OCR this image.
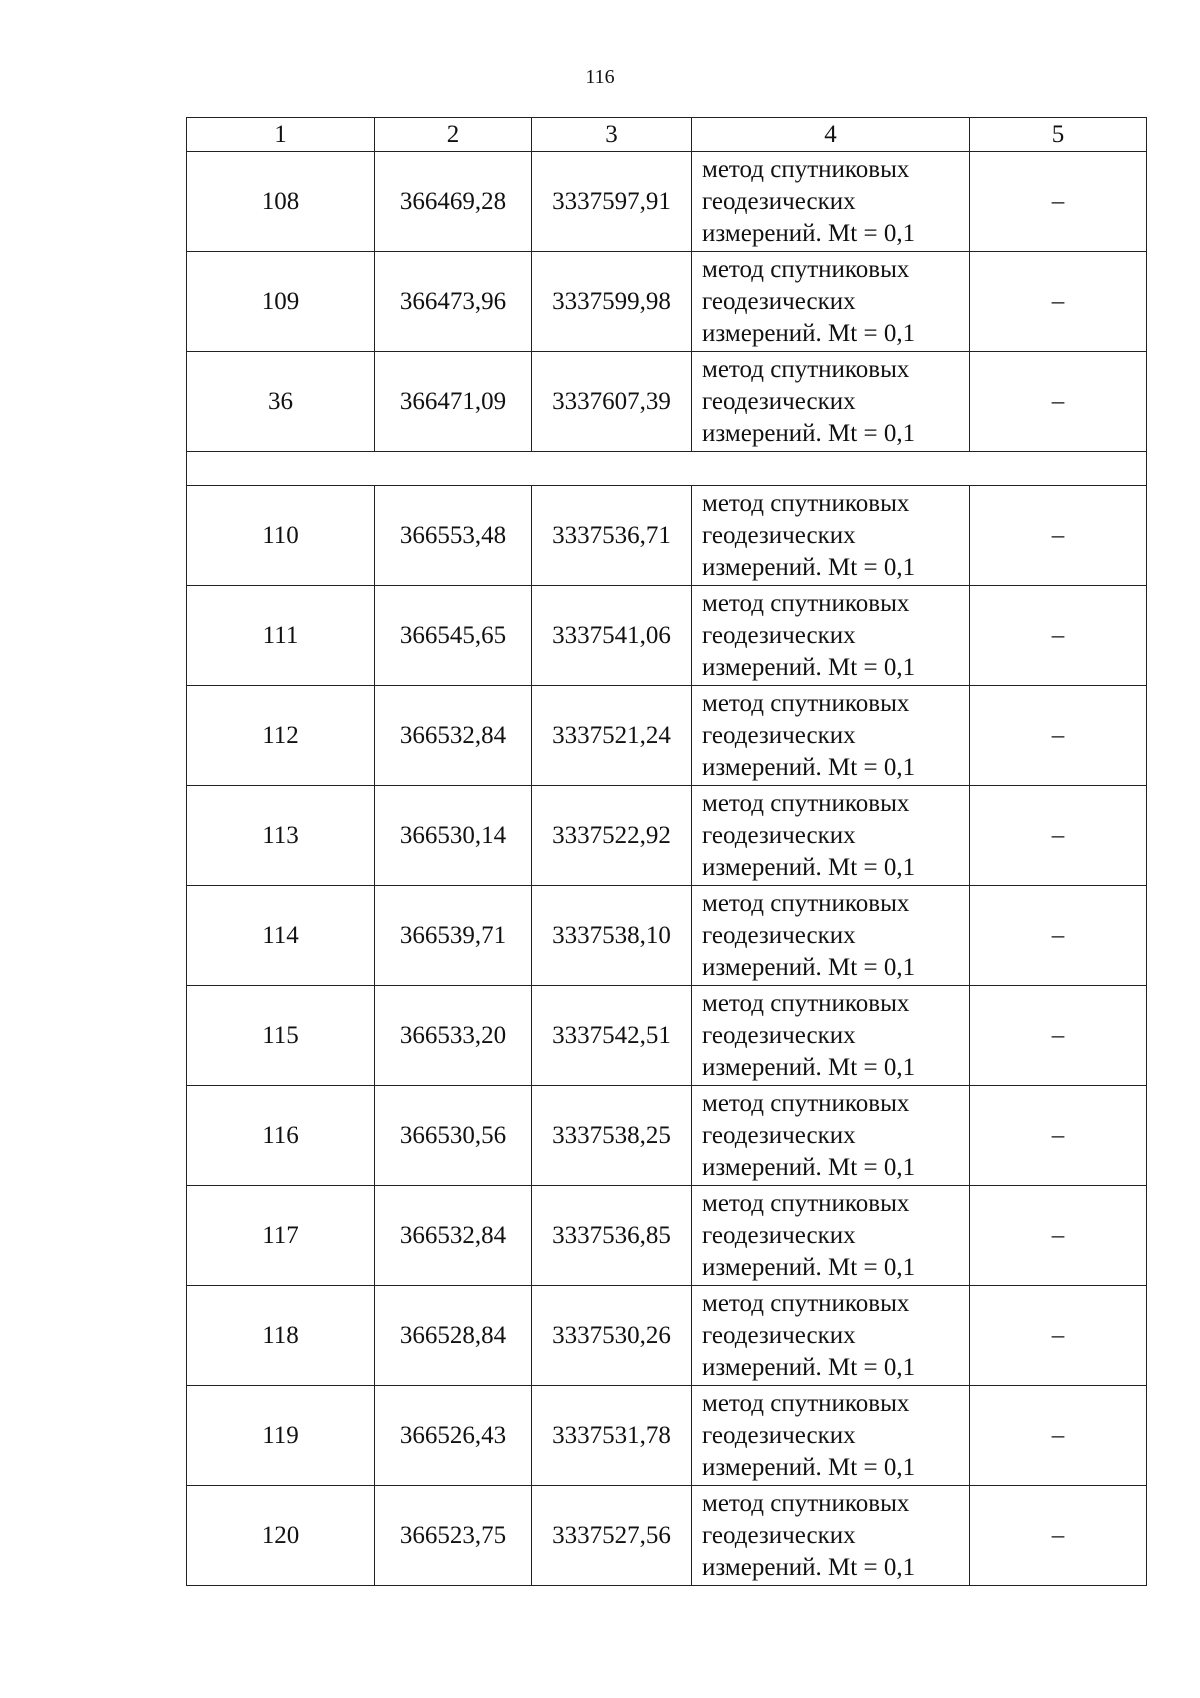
116
1	2	3	4	5
108	366469,28	3337597,91	метод спутниковых геодезических измерений. Mt = 0,1	–
109	366473,96	3337599,98	метод спутниковых геодезических измерений. Mt = 0,1	–
36	366471,09	3337607,39	метод спутниковых геодезических измерений. Mt = 0,1	–

110	366553,48	3337536,71	метод спутниковых геодезических измерений. Mt = 0,1	–
111	366545,65	3337541,06	метод спутниковых геодезических измерений. Mt = 0,1	–
112	366532,84	3337521,24	метод спутниковых геодезических измерений. Mt = 0,1	–
113	366530,14	3337522,92	метод спутниковых геодезических измерений. Mt = 0,1	–
114	366539,71	3337538,10	метод спутниковых геодезических измерений. Mt = 0,1	–
115	366533,20	3337542,51	метод спутниковых геодезических измерений. Mt = 0,1	–
116	366530,56	3337538,25	метод спутниковых геодезических измерений. Mt = 0,1	–
117	366532,84	3337536,85	метод спутниковых геодезических измерений. Mt = 0,1	–
118	366528,84	3337530,26	метод спутниковых геодезических измерений. Mt = 0,1	–
119	366526,43	3337531,78	метод спутниковых геодезических измерений. Mt = 0,1	–
120	366523,75	3337527,56	метод спутниковых геодезических измерений. Mt = 0,1	–
